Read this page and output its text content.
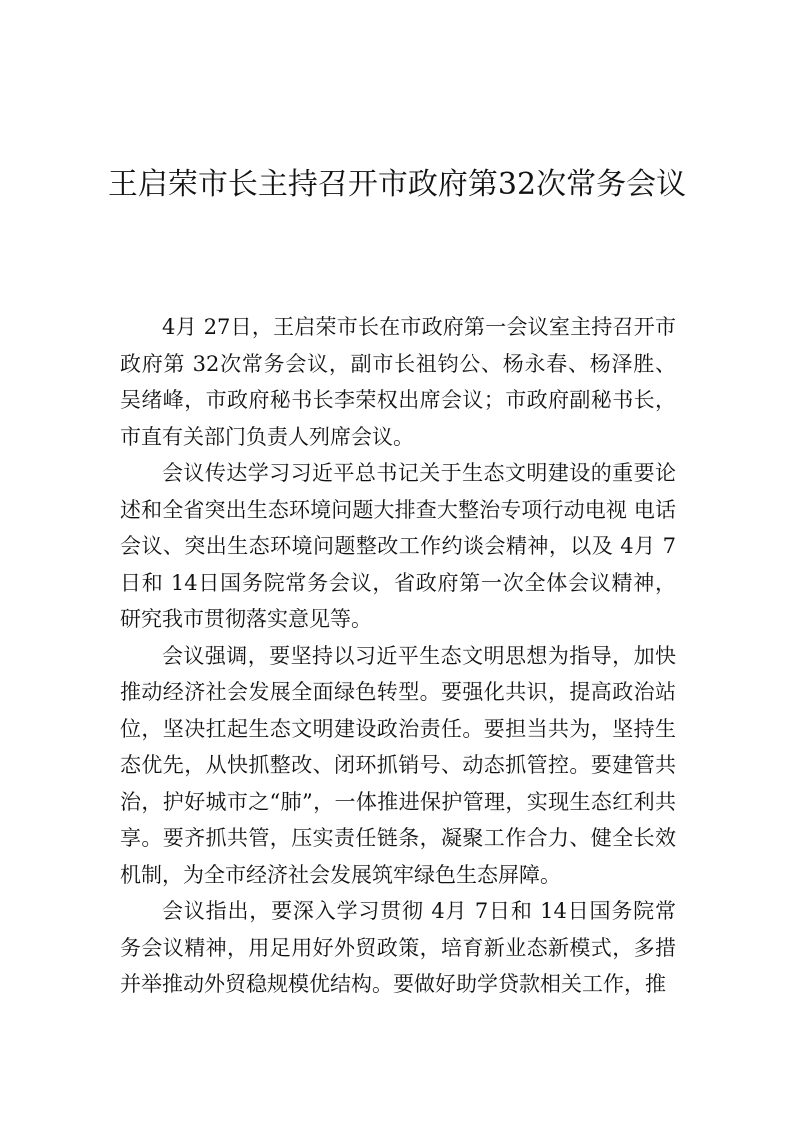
王启荣市长主持召开市政府第32次常务会议

4月 27日，王启荣市长在市政府第一会议室主持召开市政府第 32次常务会议，副市长祖钧公、杨永春、杨泽胜、吴绪峰，市政府秘书长李荣权出席会议；市政府副秘书长，市直有关部门负责人列席会议。

会议传达学习习近平总书记关于生态文明建设的重要论述和全省突出生态环境问题大排查大整治专项行动电视 电话会议、突出生态环境问题整改工作约谈会精神，以及 4月 7日和 14日国务院常务会议，省政府第一次全体会议精神，研究我市贯彻落实意见等。

会议强调，要坚持以习近平生态文明思想为指导，加快推动经济社会发展全面绿色转型。要强化共识，提高政治站位，坚决扛起生态文明建设政治责任。要担当共为，坚持生态优先，从快抓整改、闭环抓销号、动态抓管控。要建管共治，护好城市之“肺”，一体推进保护管理，实现生态红利共享。要齐抓共管，压实责任链条，凝聚工作合力、健全长效机制，为全市经济社会发展筑牢绿色生态屏障。

会议指出，要深入学习贯彻 4月 7日和 14日国务院常务会议精神，用足用好外贸政策，培育新业态新模式，多措并举推动外贸稳规模优结构。要做好助学贷款相关工作，推
